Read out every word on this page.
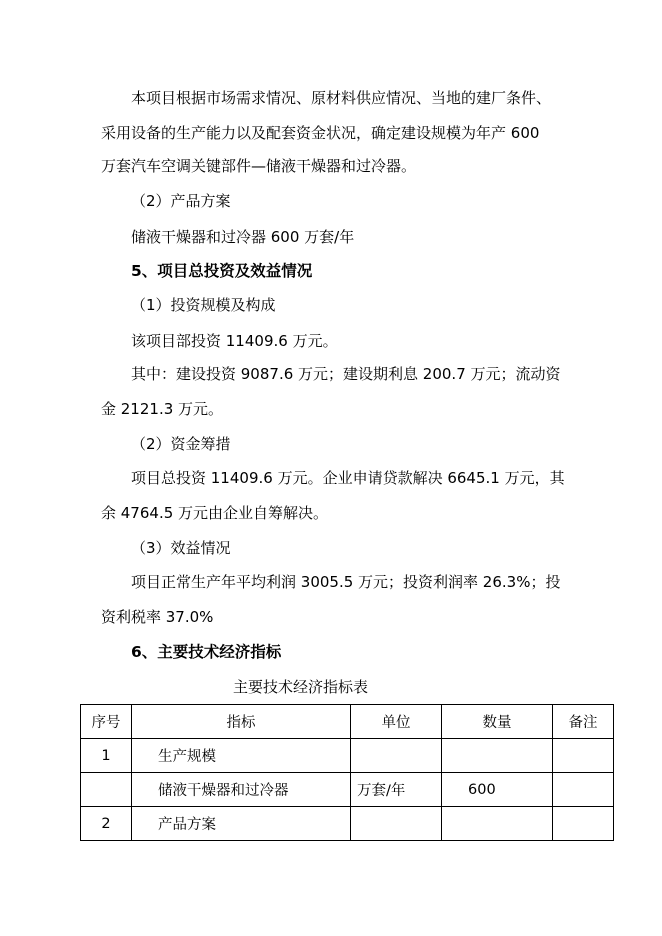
本项目根据市场需求情况、原材料供应情况、当地的建厂条件、
采用设备的生产能力以及配套资金状况，确定建设规模为年产 600
万套汽车空调关键部件—储液干燥器和过冷器。
（2）产品方案
储液干燥器和过冷器 600 万套/年
5、项目总投资及效益情况
（1）投资规模及构成
该项目部投资 11409.6 万元。
其中：建设投资 9087.6 万元；建设期利息 200.7 万元；流动资
金 2121.3 万元。
（2）资金筹措
项目总投资 11409.6 万元。企业申请贷款解决 6645.1 万元，其
余 4764.5 万元由企业自筹解决。
（3）效益情况
项目正常生产年平均利润 3005.5 万元；投资利润率 26.3%；投
资利税率 37.0%
6、主要技术经济指标
主要技术经济指标表
序号	指标	单位	数量	备注
1	生产规模			
	储液干燥器和过冷器	万套/年	600	
2	产品方案			
